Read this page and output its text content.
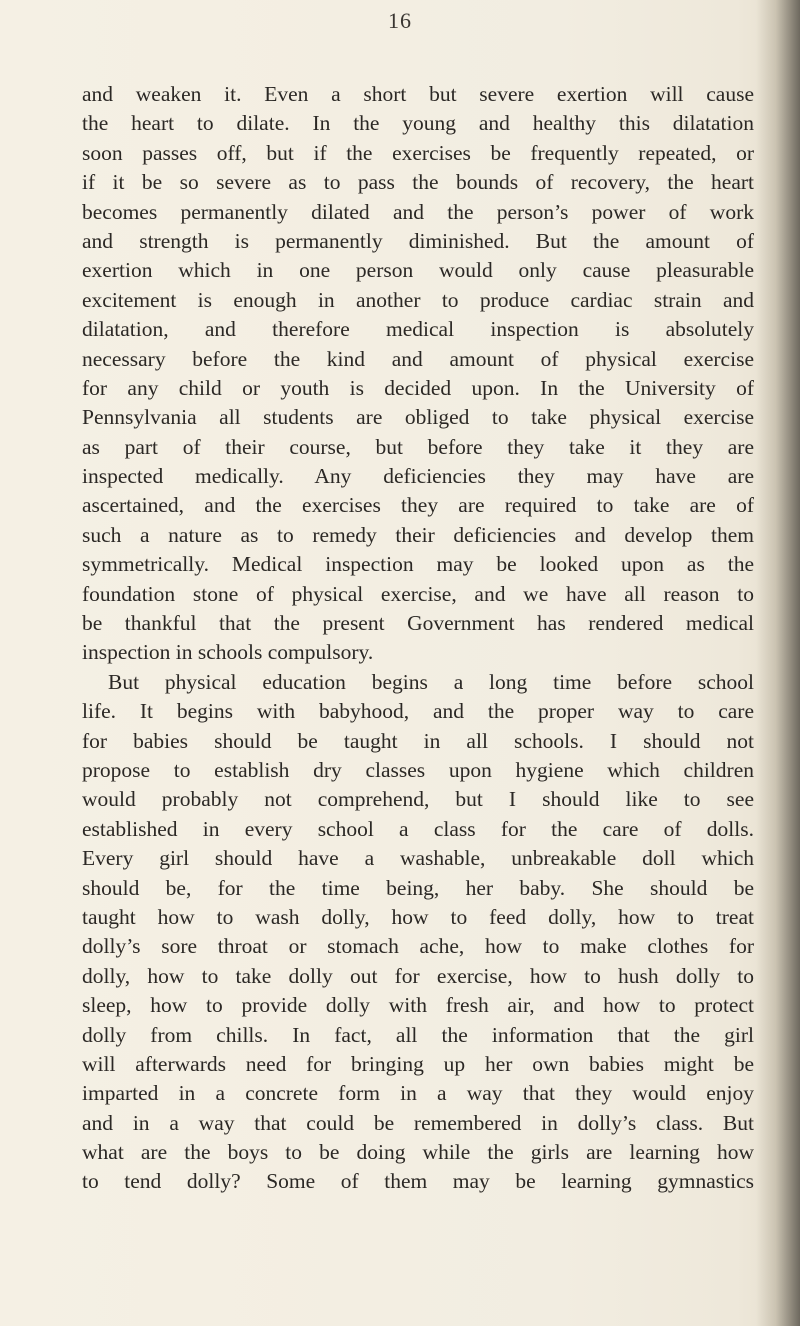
16
and weaken it. Even a short but severe exertion will cause
the heart to dilate. In the young and healthy this dilatation
soon passes off, but if the exercises be frequently repeated, or
if it be so severe as to pass the bounds of recovery, the heart
becomes permanently dilated and the person’s power of work
and strength is permanently diminished. But the amount of
exertion which in one person would only cause pleasurable
excitement is enough in another to produce cardiac strain and
dilatation, and therefore medical inspection is absolutely
necessary before the kind and amount of physical exercise
for any child or youth is decided upon. In the University of
Pennsylvania all students are obliged to take physical exercise
as part of their course, but before they take it they are
inspected medically. Any deficiencies they may have are
ascertained, and the exercises they are required to take are of
such a nature as to remedy their deficiencies and develop them
symmetrically. Medical inspection may be looked upon as the
foundation stone of physical exercise, and we have all reason to
be thankful that the present Government has rendered medical
inspection in schools compulsory.
But physical education begins a long time before school
life. It begins with babyhood, and the proper way to care
for babies should be taught in all schools. I should not
propose to establish dry classes upon hygiene which children
would probably not comprehend, but I should like to see
established in every school a class for the care of dolls.
Every girl should have a washable, unbreakable doll which
should be, for the time being, her baby. She should be
taught how to wash dolly, how to feed dolly, how to treat
dolly’s sore throat or stomach ache, how to make clothes for
dolly, how to take dolly out for exercise, how to hush dolly to
sleep, how to provide dolly with fresh air, and how to protect
dolly from chills. In fact, all the information that the girl
will afterwards need for bringing up her own babies might be
imparted in a concrete form in a way that they would enjoy
and in a way that could be remembered in dolly’s class. But
what are the boys to be doing while the girls are learning how
to tend dolly? Some of them may be learning gymnastics
